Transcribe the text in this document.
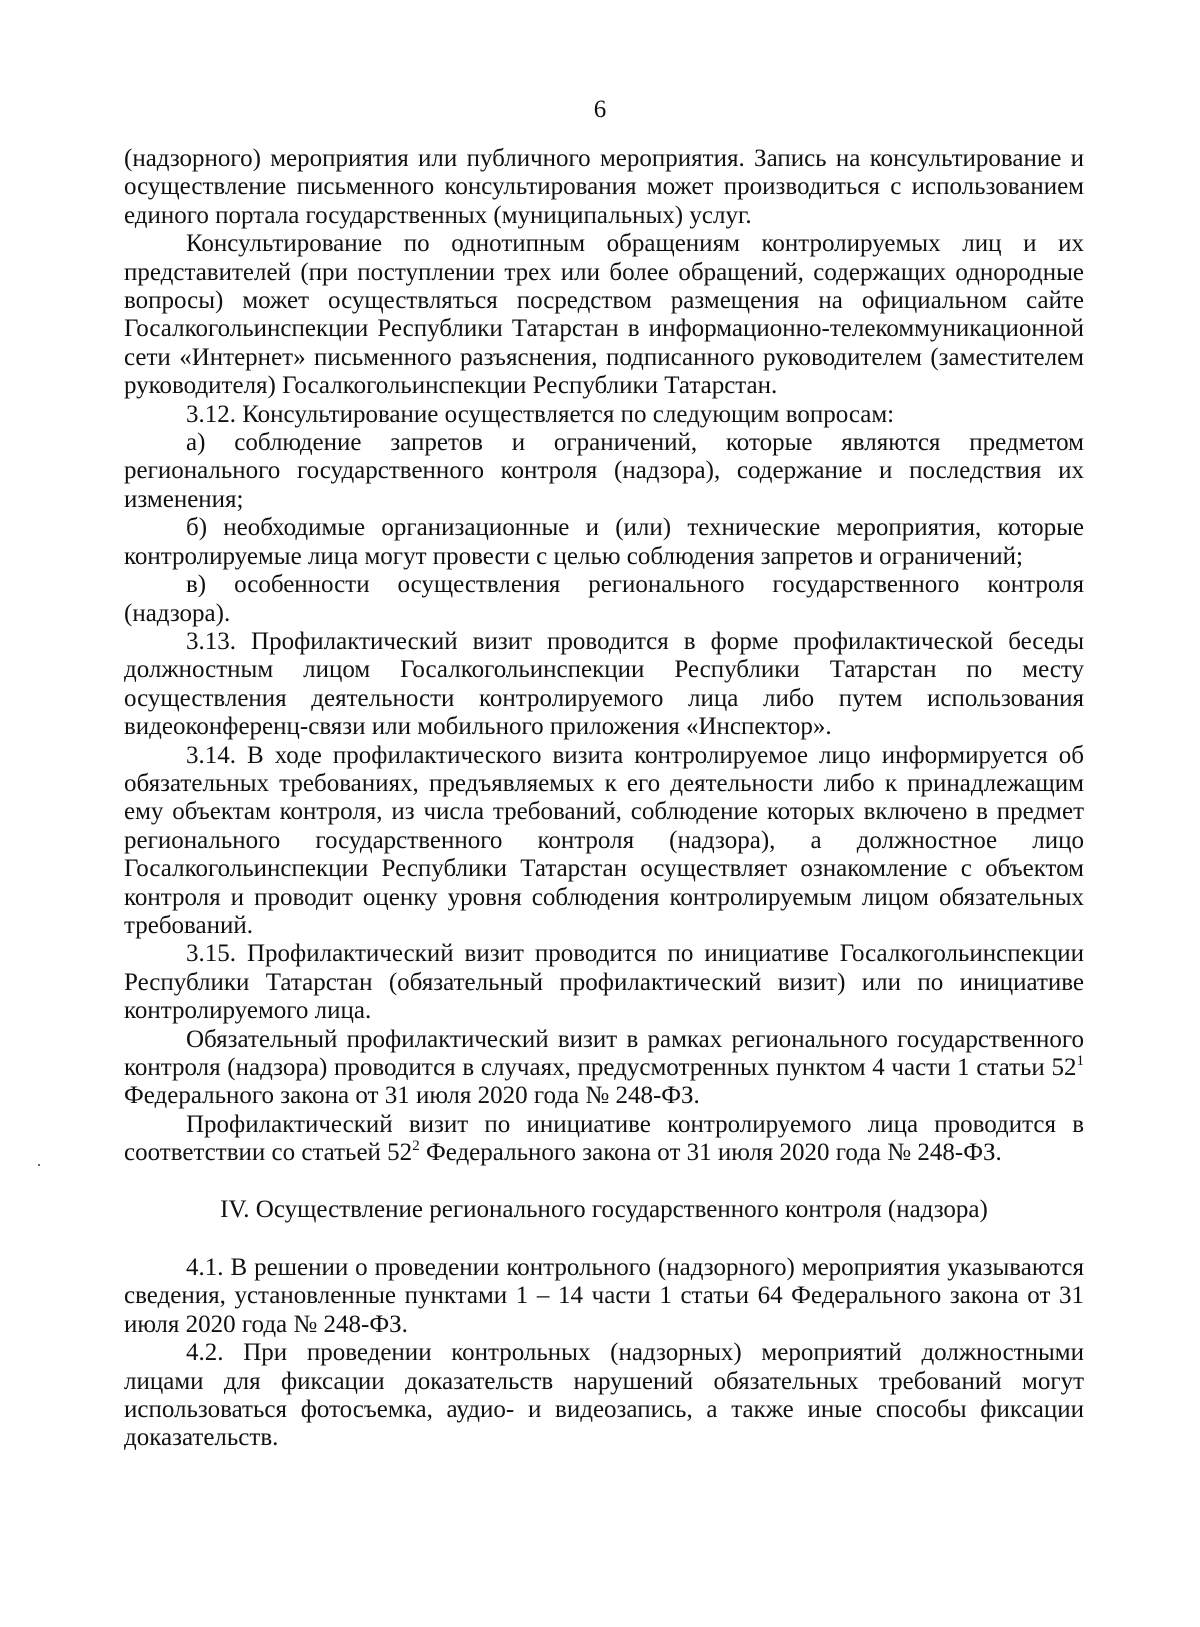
6

(надзорного) мероприятия или публичного мероприятия. Запись на консультирование и осуществление письменного консультирования может производиться с использованием единого портала государственных (муниципальных) услуг.

Консультирование по однотипным обращениям контролируемых лиц и их представителей (при поступлении трех или более обращений, содержащих однородные вопросы) может осуществляться посредством размещения на официальном сайте Госалкогольинспекции Республики Татарстан в информационно-телекоммуникационной сети «Интернет» письменного разъяснения, подписанного руководителем (заместителем руководителя) Госалкогольинспекции Республики Татарстан.

3.12. Консультирование осуществляется по следующим вопросам:

а) соблюдение запретов и ограничений, которые являются предметом регионального государственного контроля (надзора), содержание и последствия их изменения;

б) необходимые организационные и (или) технические мероприятия, которые контролируемые лица могут провести с целью соблюдения запретов и ограничений;

в) особенности осуществления регионального государственного контроля (надзора).

3.13. Профилактический визит проводится в форме профилактической беседы должностным лицом Госалкогольинспекции Республики Татарстан по месту осуществления деятельности контролируемого лица либо путем использования видеоконференц-связи или мобильного приложения «Инспектор».

3.14. В ходе профилактического визита контролируемое лицо информируется об обязательных требованиях, предъявляемых к его деятельности либо к принадлежащим ему объектам контроля, из числа требований, соблюдение которых включено в предмет регионального государственного контроля (надзора), а должностное лицо Госалкогольинспекции Республики Татарстан осуществляет ознакомление с объектом контроля и проводит оценку уровня соблюдения контролируемым лицом обязательных требований.

3.15. Профилактический визит проводится по инициативе Госалкогольинспекции Республики Татарстан (обязательный профилактический визит) или по инициативе контролируемого лица.

Обязательный профилактический визит в рамках регионального государственного контроля (надзора) проводится в случаях, предусмотренных пунктом 4 части 1 статьи $52^1$ Федерального закона от 31 июля 2020 года № 248-ФЗ.

Профилактический визит по инициативе контролируемого лица проводится в соответствии со статьей $52^2$ Федерального закона от 31 июля 2020 года № 248-ФЗ.

IV. Осуществление регионального государственного контроля (надзора)

4.1. В решении о проведении контрольного (надзорного) мероприятия указываются сведения, установленные пунктами 1 – 14 части 1 статьи 64 Федерального закона от 31 июля 2020 года № 248-ФЗ.

4.2. При проведении контрольных (надзорных) мероприятий должностными лицами для фиксации доказательств нарушений обязательных требований могут использоваться фотосъемка, аудио- и видеозапись, а также иные способы фиксации доказательств.
